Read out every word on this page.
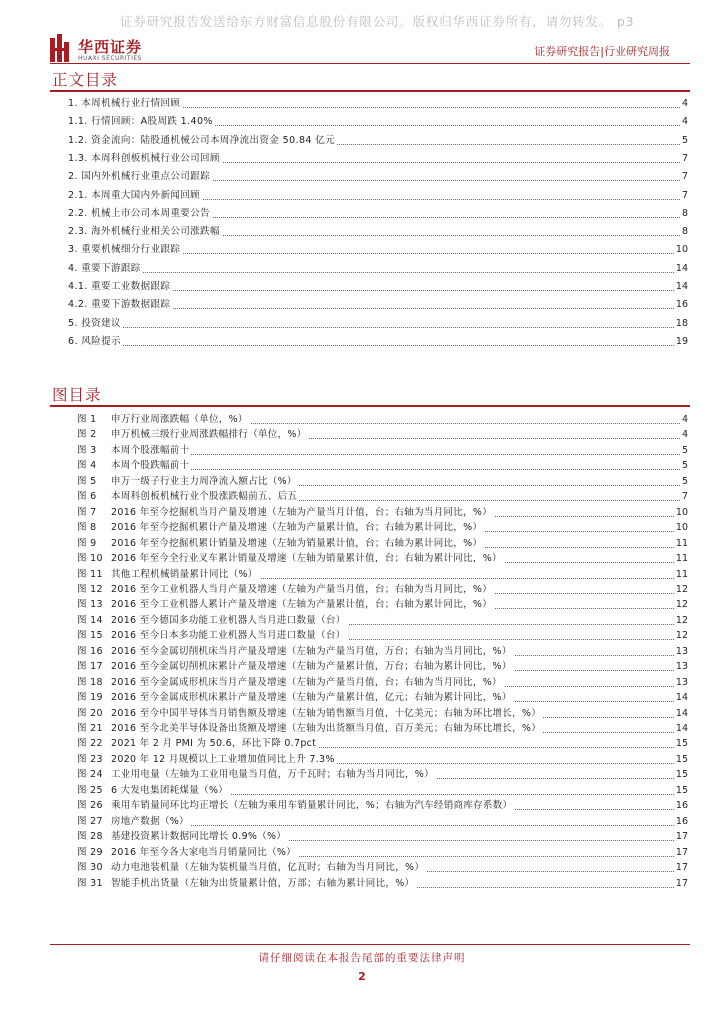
证券研究报告发送给东方财富信息股份有限公司。版权归华西证券所有，请勿转发。 p3
华西证券
HUAXI SECURITIES
证券研究报告|行业研究周报
正文目录
1. 本周机械行业行情回顾	4
1.1. 行情回顾：A股周跌 1.40%	4
1.2. 资金流向：陆股通机械公司本周净流出资金 50.84 亿元	5
1.3. 本周科创板机械行业公司回顾	7
2. 国内外机械行业重点公司跟踪	7
2.1. 本周重大国内外新闻回顾	7
2.2. 机械上市公司本周重要公告	8
2.3. 海外机械行业相关公司涨跌幅	8
3. 重要机械细分行业跟踪	10
4. 重要下游跟踪	14
4.1. 重要工业数据跟踪	14
4.2. 重要下游数据跟踪	16
5. 投资建议	18
6. 风险提示	19
图目录
图 1 申万行业周涨跌幅（单位，%）	4
图 2 申万机械三级行业周涨跌幅排行（单位，%）	4
图 3 本周个股涨幅前十	5
图 4 本周个股跌幅前十	5
图 5 申万一级子行业主力周净流入额占比（%）	5
图 6 本周科创板机械行业个股涨跌幅前五、后五	7
图 7 2016 年至今挖掘机当月产量及增速（左轴为产量当月计值，台；右轴为当月同比，%）	10
图 8 2016 年至今挖掘机累计产量及增速（左轴为产量累计值，台；右轴为累计同比，%）	10
图 9 2016 年至今挖掘机累计销量及增速（左轴为销量累计值，台；右轴为累计同比，%）	11
图 10 2016 年至今全行业叉车累计销量及增速（左轴为销量累计值，台；右轴为累计同比，%）	11
图 11 其他工程机械销量累计同比（%）	11
图 12 2016 至今工业机器人当月产量及增速（左轴为产量当月值，台；右轴为当月同比，%）	12
图 13 2016 至今工业机器人累计产量及增速（左轴为产量累计值，台；右轴为累计同比，%）	12
图 14 2016 至今德国多功能工业机器人当月进口数量（台）	12
图 15 2016 至今日本多功能工业机器人当月进口数量（台）	12
图 16 2016 至今金属切削机床当月产量及增速（左轴为产量当月值，万台；右轴为当月同比，%）	13
图 17 2016 至今金属切削机床累计产量及增速（左轴为产量累计值，万台；右轴为累计同比，%）	13
图 18 2016 至今金属成形机床当月产量及增速（左轴为产量当月值，台；右轴为当月同比，%）	13
图 19 2016 至今金属成形机床累计产量及增速（左轴为产量累计值，亿元；右轴为累计同比，%）	14
图 20 2016 至今中国半导体当月销售额及增速（左轴为销售额当月值，十亿美元；右轴为环比增长，%）	14
图 21 2016 至今北美半导体设备出货额及增速（左轴为出货额当月值，百万美元；右轴为环比增长，%）	14
图 22 2021 年 2 月 PMI 为 50.6，环比下降 0.7pct	15
图 23 2020 年 12 月规模以上工业增加值同比上升 7.3%	15
图 24 工业用电量（左轴为工业用电量当月值，万千瓦时；右轴为当月同比，%）	15
图 25 6 大发电集团耗煤量（%）	15
图 26 乘用车销量同环比均正增长（左轴为乘用车销量累计同比，%；右轴为汽车经销商库存系数）	16
图 27 房地产数据（%）	16
图 28 基建投资累计数据同比增长 0.9%（%）	17
图 29 2016 年至今各大家电当月销量同比（%）	17
图 30 动力电池装机量（左轴为装机量当月值，亿瓦时；右轴为当月同比，%）	17
图 31 智能手机出货量（左轴为出货量累计值，万部；右轴为累计同比，%）	17
请仔细阅读在本报告尾部的重要法律声明
2
